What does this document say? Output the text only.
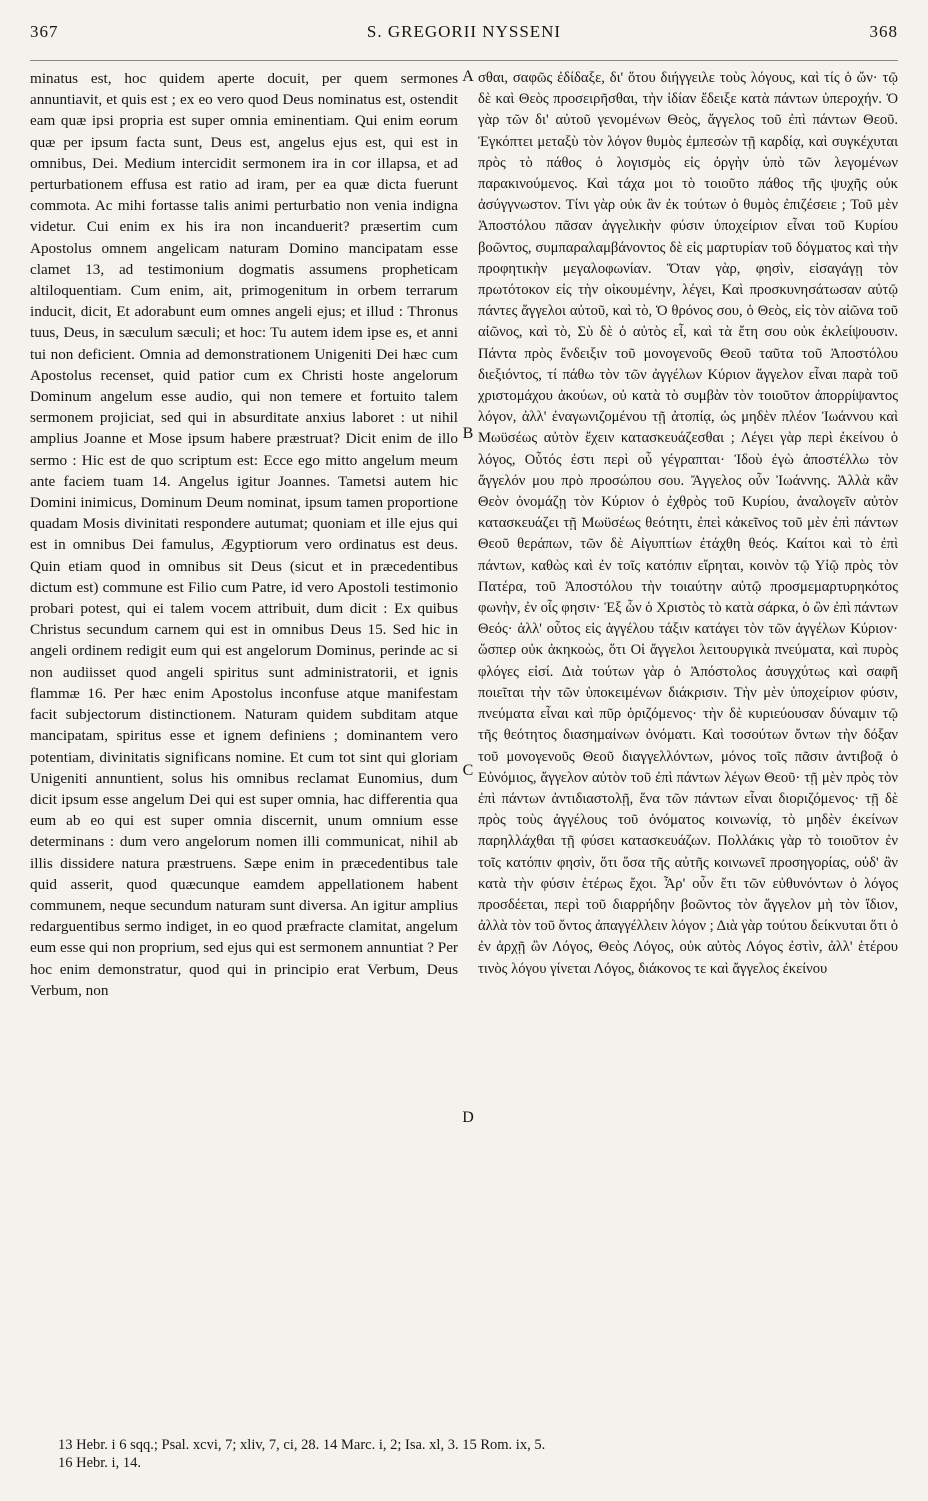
367	S. GREGORII NYSSENI	368

minatus est, hoc quidem aperte docuit, per quem sermones annuntiavit, et quis est ; ex eo vero quod Deus nominatus est, ostendit eam quæ ipsi propria est super omnia eminentiam. Qui enim eorum quæ per ipsum facta sunt, Deus est, angelus ejus est, qui est in omnibus, Dei. Medium intercidit sermonem ira in cor illapsa, et ad perturbationem effusa est ratio ad iram, per ea quæ dicta fuerunt commota. Ac mihi fortasse talis animi perturbatio non venia indigna videtur. Cui enim ex his ira non incanduerit? præsertim cum Apostolus omnem angelicam naturam Domino mancipatam esse clamet 13, ad testimonium dogmatis assumens propheticam altiloquentiam. Cum enim, ait, primogenitum in orbem terrarum inducit, dicit, Et adorabunt eum omnes angeli ejus; et illud : Thronus tuus, Deus, in sæculum sæculi; et hoc: Tu autem idem ipse es, et anni tui non deficient. Omnia ad demonstrationem Unigeniti Dei hæc cum Apostolus recenset, quid patior cum ex Christi hoste angelorum Dominum angelum esse audio, qui non temere et fortuito talem sermonem projiciat, sed qui in absurditate anxius laboret : ut nihil amplius Joanne et Mose ipsum habere præstruat? Dicit enim de illo sermo : Hic est de quo scriptum est: Ecce ego mitto angelum meum ante faciem tuam 14. Angelus igitur Joannes. Tametsi autem hic Domini inimicus, Dominum Deum nominat, ipsum tamen proportione quadam Mosis divinitati respondere autumat; quoniam et ille ejus qui est in omnibus Dei famulus, Ægyptiorum vero ordinatus est deus. Quin etiam quod in omnibus sit Deus (sicut et in præcedentibus dictum est) commune est Filio cum Patre, id vero Apostoli testimonio probari potest, qui ei talem vocem attribuit, dum dicit : Ex quibus Christus secundum carnem qui est in omnibus Deus 15. Sed hic in angeli ordinem redigit eum qui est angelorum Dominus, perinde ac si non audiisset quod angeli spiritus sunt administratorii, et ignis flammæ 16. Per hæc enim Apostolus inconfuse atque manifestam facit subjectorum distinctionem. Naturam quidem subditam atque mancipatam, spiritus esse et ignem definiens ; dominantem vero potentiam, divinitatis significans nomine. Et cum tot sint qui gloriam Unigeniti annuntient, solus his omnibus reclamat Eunomius, dum dicit ipsum esse angelum Dei qui est super omnia, hac differentia qua eum ab eo qui est super omnia discernit, unum omnium esse determinans : dum vero angelorum nomen illi communicat, nihil ab illis dissidere natura præstruens. Sæpe enim in præcedentibus tale quid asserit, quod quæcunque eamdem appellationem habent communem, neque secundum naturam sunt diversa. An igitur amplius redarguentibus sermo indiget, in eo quod præfracte clamitat, angelum eum esse qui non proprium, sed ejus qui est sermonem annuntiat ? Per hoc enim demonstratur, quod qui in principio erat Verbum, Deus Verbum, non

σθαι, σαφῶς ἐδίδαξε, δι' ὅτου διήγγειλε τοὺς λόγους, καὶ τίς ὁ ὤν· τῷ δὲ καὶ Θεὸς προσειρῆσθαι, τὴν ἰδίαν ἔδειξε κατὰ πάντων ὑπεροχήν. Ὁ γὰρ τῶν δι' αὐτοῦ γενομένων Θεὸς, ἄγγελος τοῦ ἐπὶ πάντων Θεοῦ. Ἐγκόπτει μεταξὺ τὸν λόγον θυμὸς ἐμπεσὼν τῇ καρδίᾳ, καὶ συγκέχυται πρὸς τὸ πάθος ὁ λογισμὸς εἰς ὀργὴν ὑπὸ τῶν λεγομένων παρακινούμενος. Καὶ τάχα μοι τὸ τοιοῦτο πάθος τῆς ψυχῆς οὐκ ἀσύγγνωστον. Τίνι γὰρ οὐκ ἂν ἐκ τούτων ὁ θυμὸς ἐπιζέσειε ; Τοῦ μὲν Ἀποστόλου πᾶσαν ἀγγελικὴν φύσιν ὑποχείριον εἶναι τοῦ Κυρίου βοῶντος, συμπαραλαμβάνοντος δὲ εἰς μαρτυρίαν τοῦ δόγματος καὶ τὴν προφητικὴν μεγαλοφωνίαν. Ὅταν γὰρ, φησὶν, εἰσαγάγῃ τὸν πρωτότοκον εἰς τὴν οἰκουμένην, λέγει, Καὶ προσκυνησάτωσαν αὐτῷ πάντες ἄγγελοι αὐτοῦ, καὶ τὸ, Ὁ θρόνος σου, ὁ Θεὸς, εἰς τὸν αἰῶνα τοῦ αἰῶνος, καὶ τὸ, Σὺ δὲ ὁ αὐτὸς εἶ, καὶ τὰ ἔτη σου οὐκ ἐκλείψουσιν. Πάντα πρὸς ἔνδειξιν τοῦ μονογενοῦς Θεοῦ ταῦτα τοῦ Ἀποστόλου διεξιόντος, τί πάθω τὸν τῶν ἀγγέλων Κύριον ἄγγελον εἶναι παρὰ τοῦ χριστομάχου ἀκούων, οὐ κατὰ τὸ συμβὰν τὸν τοιοῦτον ἀπορρίψαντος λόγον, ἀλλ' ἐναγωνιζομένου τῇ ἀτοπίᾳ, ὡς μηδὲν πλέον Ἰωάννου καὶ Μωϋσέως αὐτὸν ἔχειν κατασκευάζεσθαι ; Λέγει γὰρ περὶ ἐκείνου ὁ λόγος, Οὗτός ἐστι περὶ οὗ γέγραπται· Ἰδοὺ ἐγὼ ἀποστέλλω τὸν ἄγγελόν μου πρὸ προσώπου σου. Ἄγγελος οὖν Ἰωάννης. Ἀλλὰ κἂν Θεὸν ὀνομάζῃ τὸν Κύριον ὁ ἐχθρὸς τοῦ Κυρίου, ἀναλογεῖν αὐτὸν κατασκευάζει τῇ Μωϋσέως θεότητι, ἐπεὶ κἀκεῖνος τοῦ μὲν ἐπὶ πάντων Θεοῦ θεράπων, τῶν δὲ Αἰγυπτίων ἐτάχθη θεός. Καίτοι καὶ τὸ ἐπὶ πάντων, καθὼς καὶ ἐν τοῖς κατόπιν εἴρηται, κοινὸν τῷ Υἱῷ πρὸς τὸν Πατέρα, τοῦ Ἀποστόλου τὴν τοιαύτην αὐτῷ προσμεμαρτυρηκότος φωνὴν, ἐν οἷς φησιν· Ἐξ ὧν ὁ Χριστὸς τὸ κατὰ σάρκα, ὁ ὢν ἐπὶ πάντων Θεός· ἀλλ' οὗτος εἰς ἀγγέλου τάξιν κατάγει τὸν τῶν ἀγγέλων Κύριον· ὥσπερ οὐκ ἀκηκοὼς, ὅτι Οἱ ἄγγελοι λειτουργικὰ πνεύματα, καὶ πυρὸς φλόγες εἰσί. Διὰ τούτων γὰρ ὁ Ἀπόστολος ἀσυγχύτως καὶ σαφῆ ποιεῖται τὴν τῶν ὑποκειμένων διάκρισιν. Τὴν μὲν ὑποχείριον φύσιν, πνεύματα εἶναι καὶ πῦρ ὁριζόμενος· τὴν δὲ κυριεύουσαν δύναμιν τῷ τῆς θεότητος διασημαίνων ὀνόματι. Καὶ τοσούτων ὄντων τὴν δόξαν τοῦ μονογενοῦς Θεοῦ διαγγελλόντων, μόνος τοῖς πᾶσιν ἀντιβοᾷ ὁ Εὐνόμιος, ἄγγελον αὐτὸν τοῦ ἐπὶ πάντων λέγων Θεοῦ· τῇ μὲν πρὸς τὸν ἐπὶ πάντων ἀντιδιαστολῇ, ἕνα τῶν πάντων εἶναι διοριζόμενος· τῇ δὲ πρὸς τοὺς ἀγγέλους τοῦ ὀνόματος κοινωνίᾳ, τὸ μηδὲν ἐκείνων παρηλλάχθαι τῇ φύσει κατασκευάζων. Πολλάκις γὰρ τὸ τοιοῦτον ἐν τοῖς κατόπιν φησὶν, ὅτι ὅσα τῆς αὐτῆς κοινωνεῖ προσηγορίας, οὐδ' ἂν κατὰ τὴν φύσιν ἑτέρως ἔχοι. Ἆρ' οὖν ἔτι τῶν εὐθυνόντων ὁ λόγος προσδέεται, περὶ τοῦ διαρρήδην βοῶντος τὸν ἄγγελον μὴ τὸν ἴδιον, ἀλλὰ τὸν τοῦ ὄντος ἀπαγγέλλειν λόγον ; Διὰ γὰρ τούτου δείκνυται ὅτι ὁ ἐν ἀρχῇ ὢν Λόγος, Θεὸς Λόγος, οὐκ αὐτὸς Λόγος ἐστὶν, ἀλλ' ἑτέρου τινὸς λόγου γίνεται Λόγος, διάκονος τε καὶ ἄγγελος ἐκείνου

A
B
C
D
13 Hebr. i 6 sqq.; Psal. xcvi, 7; xliv, 7, ci, 28. 14 Marc. i, 2; Isa. xl, 3. 15 Rom. ix, 5.
16 Hebr. i, 14.
